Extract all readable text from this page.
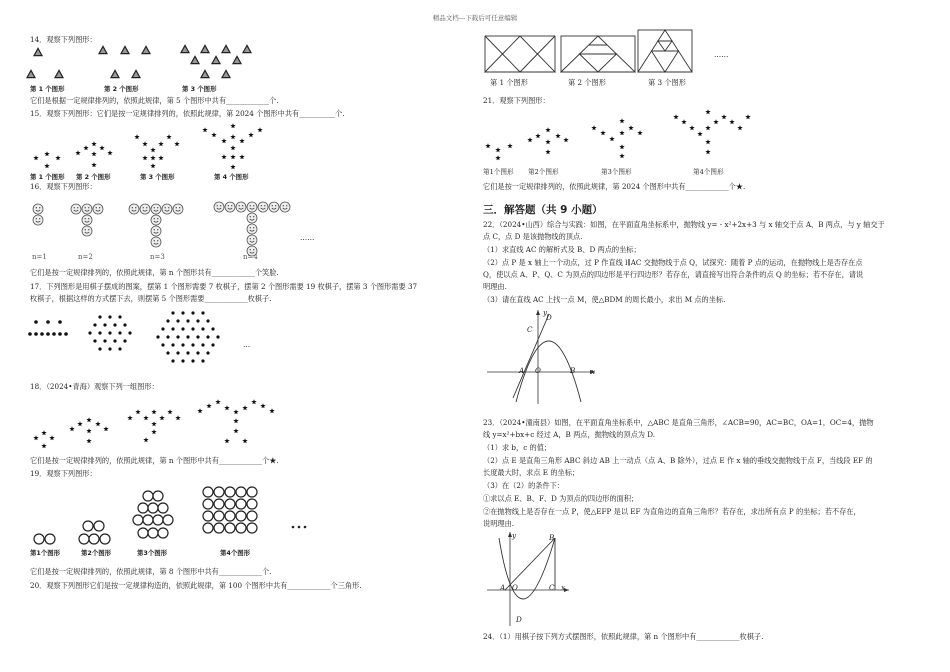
精品文档---下载后可任意编辑
14．观察下列图形：
第 1 个图形	第 2 个图形	第 3 个图形
它们是根据一定规律排列的，依照此规律，第 5 个图形中共有____________个.
15．观察下列图形：它们是按一定规律排列的，依照此规律，第 2024 个图形中共有__________个.
第 1 个图形 第 2 个图形	第 3 个图形	第 4 个图形
16．观察下列图形：
n=1	n=2	n=3	n=4
……
它们是按一定规律排列的，依照此规律，第 n 个图形共有____________个笑脸.
17．下列图形是用棋子摆成的图案，摆第 1 个图形需要 7 枚棋子，摆第 2 个图形需要 19 枚棋子，摆第 3 个图形需要 37
枚棋子，根据这样的方式摆下去，则摆第 5 个图形需要____________枚棋子.
…
18．（2024•青海）观察下列一组图形：
它们是按一定规律排列的，依照此规律，第 n 个图形中共有____________个★.
19．观察下列图形：
第1个图形	第2个图形	第3个图形	第4个图形
它们是按一定规律排列的，依照此规律，第 8 个图形中共有____________个.
20．观察下列图形它们是按一定规律构造的，依照此规律，第 100 个图形中共有____________个三角形.
第 1 个图形	第 2 个图形	第 3 个图形
……
21．观察下列图形：
第1个图形 第2个图形	第3个图形	第4个图形
它们是按一定规律排列的，依照此规律，第 2024 个图形中共有____________个★.
三．解答题（共 9 小题）
22．（2024•山西）综合与实践：如图，在平面直角坐标系中，抛物线 y= - x²+2x+3 与 x 轴交于点 A、B 两点，与 y 轴交于
点 C，点 D 是该抛物线的顶点.
（1）求直线 AC 的解析式及 B、D 两点的坐标；
（2）点 P 是 x 轴上一个动点，过 P 作直线 l∥AC 交抛物线于点 Q，试探究：随着 P 点的运动，在抛物线上是否存在点
Q，使以点 A、P、Q、C 为顶点的四边形是平行四边形？若存在，请直接写出符合条件的点 Q 的坐标；若不存在，请说
明理由.
（3）请在直线 AC 上找一点 M，使△BDM 的周长最小，求出 M 点的坐标.
y
x
C
D
A O	B
23．（2024•潼南县）如图，在平面直角坐标系中，△ABC 是直角三角形，∠ACB=90，AC=BC，OA=1，OC=4，抛物
线 y=x²+bx+c 经过 A，B 两点，抛物线的顶点为 D.
（1）求 b，c 的值；
（2）点 E 是直角三角形 ABC 斜边 AB 上一动点（点 A、B 除外），过点 E 作 x 轴的垂线交抛物线于点 F，当线段 EF 的
长度最大时，求点 E 的坐标；
（3）在（2）的条件下：
①求以点 E、B、F、D 为顶点的四边形的面积；
②在抛物线上是否存在一点 P，使△EFP 是以 EF 为直角边的直角三角形？若存在，求出所有点 P 的坐标；若不存在，
说明理由.
y
x
B
A O	C
D
24．（1）用棋子按下列方式摆图形，依照此规律，第 n 个图形中有____________枚棋子.
